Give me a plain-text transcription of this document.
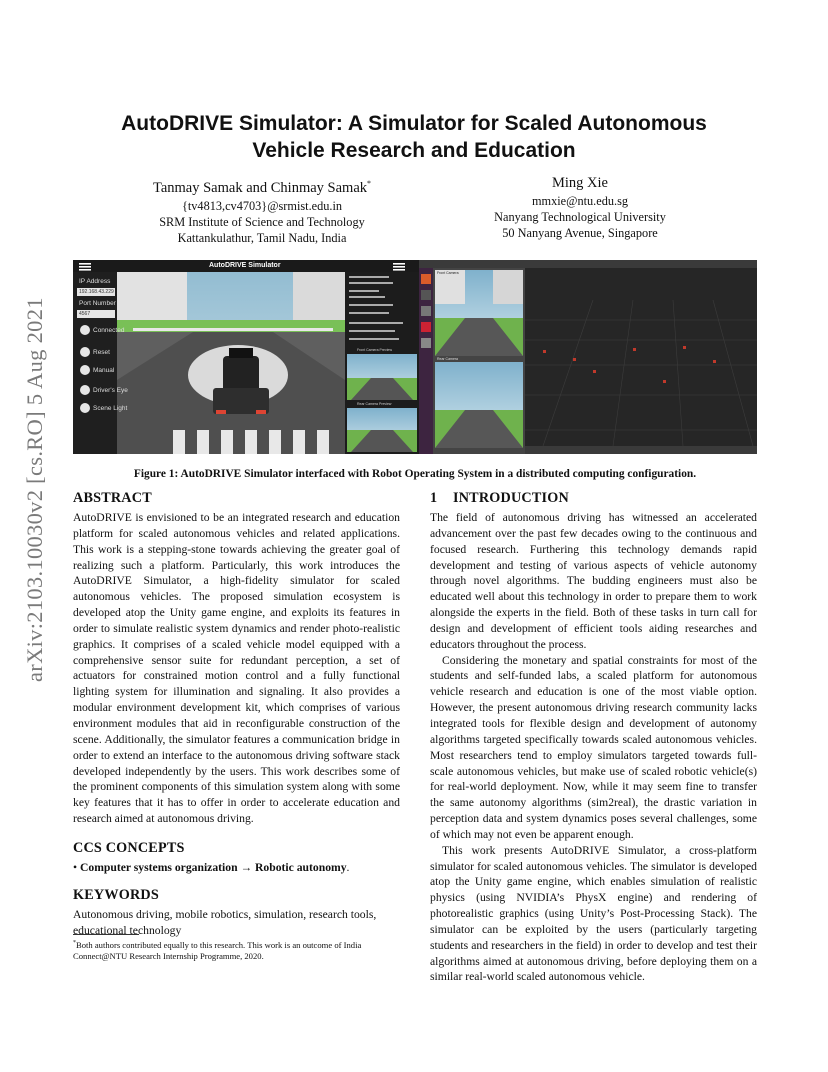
arXiv:2103.10030v2 [cs.RO] 5 Aug 2021
AutoDRIVE Simulator: A Simulator for Scaled Autonomous
Vehicle Research and Education
Tanmay Samak and Chinmay Samak*
{tv4813,cv4703}@srmist.edu.in
SRM Institute of Science and Technology
Kattankulathur, Tamil Nadu, India
Ming Xie
mmxie@ntu.edu.sg
Nanyang Technological University
50 Nanyang Avenue, Singapore
AutoDRIVE Simulator
IP Address
192.168.43.229
Port Number
4567
Connected
Reset
Manual
Driver's Eye
Scene Light
Front Camera Preview
Rear Camera Preview
Front Camera
Rear Camera
Figure 1: AutoDRIVE Simulator interfaced with Robot Operating System in a distributed computing configuration.
ABSTRACT

AutoDRIVE is envisioned to be an integrated research and education platform for scaled autonomous vehicles and related applications. This work is a stepping-stone towards achieving the greater goal of realizing such a platform. Particularly, this work introduces the AutoDRIVE Simulator, a high-fidelity simulator for scaled autonomous vehicles. The proposed simulation ecosystem is developed atop the Unity game engine, and exploits its features in order to simulate realistic system dynamics and render photo-realistic graphics. It comprises of a scaled vehicle model equipped with a comprehensive sensor suite for redundant perception, a set of actuators for constrained motion control and a fully functional lighting system for illumination and signaling. It also provides a modular environment development kit, which comprises of various environment modules that aid in reconfigurable construction of the scene. Additionally, the simulator features a communication bridge in order to extend an interface to the autonomous driving software stack developed independently by the users. This work describes some of the prominent components of this simulation system along with some key features that it has to offer in order to accelerate education and research aimed at autonomous driving.

CCS CONCEPTS
• Computer systems organization → Robotic autonomy.
KEYWORDS

Autonomous driving, mobile robotics, simulation, research tools, educational technology

*Both authors contributed equally to this research. This work is an outcome of India Connect@NTU Research Internship Programme, 2020.
1 INTRODUCTION

The field of autonomous driving has witnessed an accelerated advancement over the past few decades owing to the continuous and focused research. Furthering this technology demands rapid development and testing of various aspects of vehicle autonomy through novel algorithms. The budding engineers must also be educated well about this technology in order to prepare them to work alongside the experts in the field. Both of these tasks in turn call for design and development of efficient tools aiding researches and educators throughout the process.

Considering the monetary and spatial constraints for most of the students and self-funded labs, a scaled platform for autonomous vehicle research and education is one of the most viable option. However, the present autonomous driving research community lacks integrated tools for flexible design and development of autonomy algorithms targeted specifically towards scaled autonomous vehicles. Most researchers tend to employ simulators targeted towards full-scale autonomous vehicles, but make use of scaled robotic vehicle(s) for real-world deployment. Now, while it may seem fine to transfer the same autonomy algorithms (sim2real), the drastic variation in perception data and system dynamics poses several challenges, some of which may not even be apparent enough.

This work presents AutoDRIVE Simulator, a cross-platform simulator for scaled autonomous vehicles. The simulator is developed atop the Unity game engine, which enables simulation of realistic physics (using NVIDIA’s PhysX engine) and rendering of photorealistic graphics (using Unity’s Post-Processing Stack). The simulator can be exploited by the users (particularly targeting students and researchers in the field) in order to develop and test their algorithms aimed at autonomous driving, before deploying them on a similar real-world scaled autonomous vehicle.
